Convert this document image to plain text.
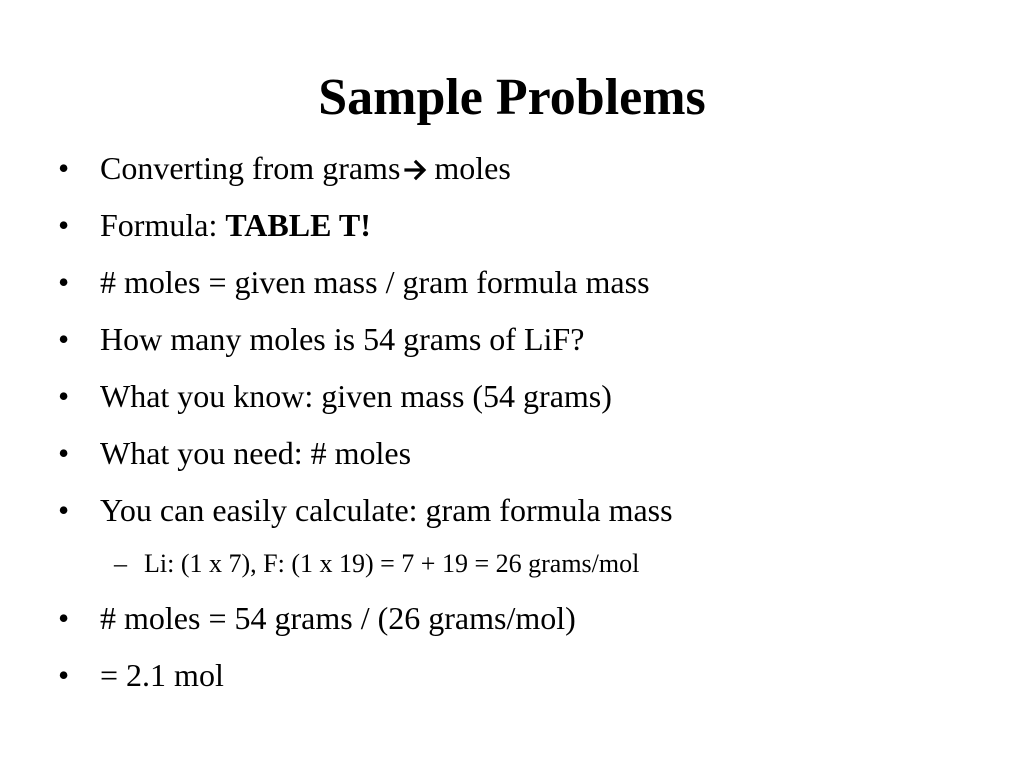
Sample Problems
• Converting from grams moles
• Formula: TABLE T!
• # moles = given mass / gram formula mass
• How many moles is 54 grams of LiF?
• What you know: given mass (54 grams)
• What you need: # moles
• You can easily calculate: gram formula mass
– Li: (1 x 7), F: (1 x 19) = 7 + 19 = 26 grams/mol
• # moles = 54 grams / (26 grams/mol)
• = 2.1 mol
